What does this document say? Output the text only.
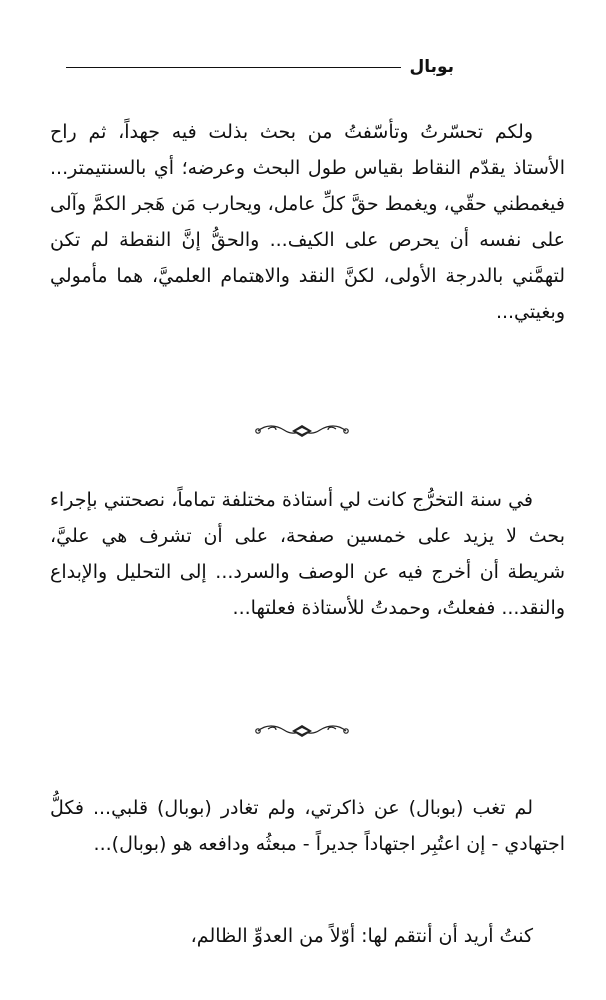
بوبال

ولكم تحسّرتُ وتأسّفتُ من بحث بذلت فيه جهداً، ثم راح الأستاذ يقدّم النقاط بقياس طول البحث وعرضه؛ أي بالسنتيمتر... فيغمطني حقّي، ويغمط حقَّ كلِّ عامل، ويحارب مَن هَجر الكمَّ وآلى على نفسه أن يحرص على الكيف... والحقُّ إنَّ النقطة لم تكن لتهمَّني بالدرجة الأولى، لكنَّ النقد والاهتمام العلميَّ، هما مأمولي وبغيتي...

في سنة التخرُّج كانت لي أستاذة مختلفة تماماً، نصحتني بإجراء بحث لا يزيد على خمسين صفحة، على أن تشرف هي عليَّ، شريطة أن أخرج فيه عن الوصف والسرد... إلى التحليل والإبداع والنقد... ففعلتُ، وحمدتُ للأستاذة فعلتها...

لم تغب (بوبال) عن ذاكرتي، ولم تغادر (بوبال) قلبي... فكلُّ اجتهادي - إن اعتُبِر اجتهاداً جديراً - مبعثُه ودافعه هو (بوبال)...

كنتُ أريد أن أنتقم لها: أوّلاً من العدوِّ الظالم،
